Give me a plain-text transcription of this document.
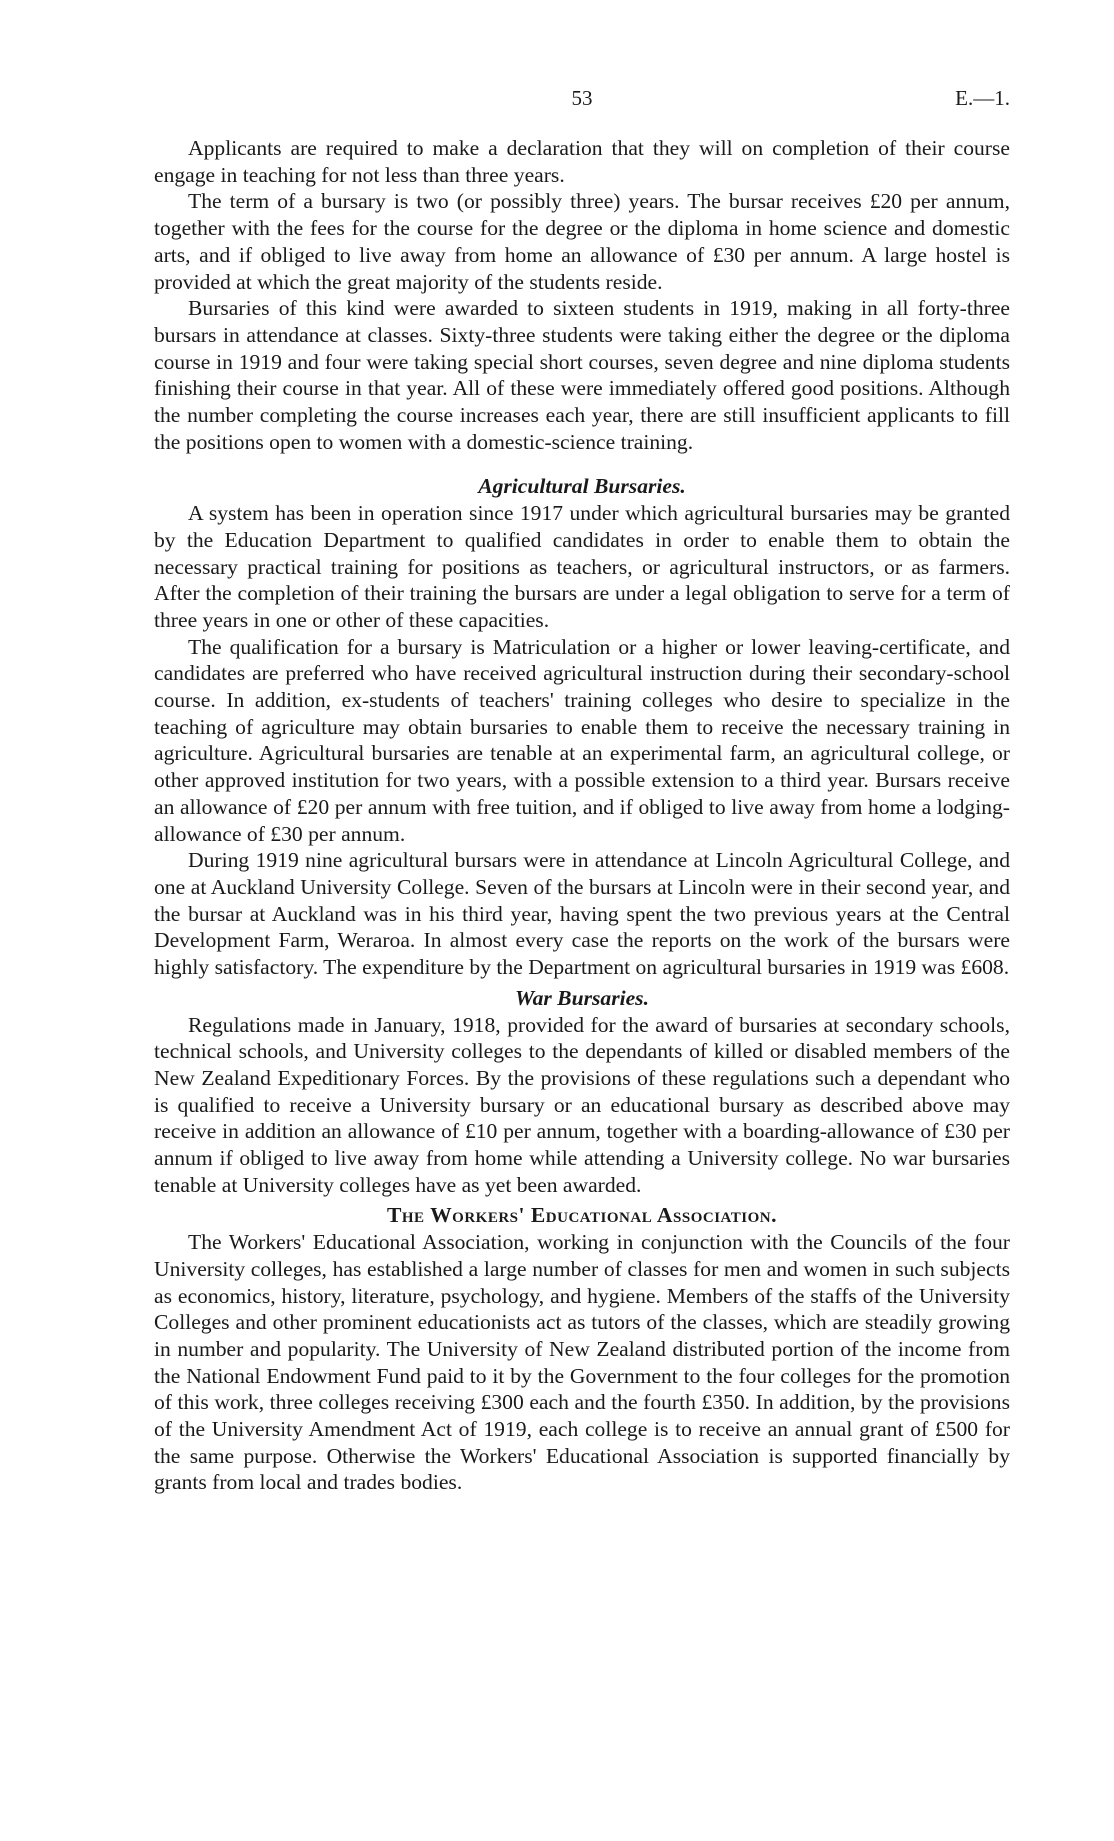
53	E.—1.

Applicants are required to make a declaration that they will on completion of their course engage in teaching for not less than three years.

The term of a bursary is two (or possibly three) years. The bursar receives £20 per annum, together with the fees for the course for the degree or the diploma in home science and domestic arts, and if obliged to live away from home an allowance of £30 per annum. A large hostel is provided at which the great majority of the students reside.

Bursaries of this kind were awarded to sixteen students in 1919, making in all forty-three bursars in attendance at classes. Sixty-three students were taking either the degree or the diploma course in 1919 and four were taking special short courses, seven degree and nine diploma students finishing their course in that year. All of these were immediately offered good positions. Although the number completing the course increases each year, there are still insufficient applicants to fill the positions open to women with a domestic-science training.

Agricultural Bursaries.

A system has been in operation since 1917 under which agricultural bursaries may be granted by the Education Department to qualified candidates in order to enable them to obtain the necessary practical training for positions as teachers, or agricultural instructors, or as farmers. After the completion of their training the bursars are under a legal obligation to serve for a term of three years in one or other of these capacities.

The qualification for a bursary is Matriculation or a higher or lower leaving-certificate, and candidates are preferred who have received agricultural instruction during their secondary-school course. In addition, ex-students of teachers' training colleges who desire to specialize in the teaching of agriculture may obtain bursaries to enable them to receive the necessary training in agriculture. Agricultural bursaries are tenable at an experimental farm, an agricultural college, or other approved institution for two years, with a possible extension to a third year. Bursars receive an allowance of £20 per annum with free tuition, and if obliged to live away from home a lodging-allowance of £30 per annum.

During 1919 nine agricultural bursars were in attendance at Lincoln Agricultural College, and one at Auckland University College. Seven of the bursars at Lincoln were in their second year, and the bursar at Auckland was in his third year, having spent the two previous years at the Central Development Farm, Weraroa. In almost every case the reports on the work of the bursars were highly satisfactory. The expenditure by the Department on agricultural bursaries in 1919 was £608.

War Bursaries.

Regulations made in January, 1918, provided for the award of bursaries at secondary schools, technical schools, and University colleges to the dependants of killed or disabled members of the New Zealand Expeditionary Forces. By the provisions of these regulations such a dependant who is qualified to receive a University bursary or an educational bursary as described above may receive in addition an allowance of £10 per annum, together with a boarding-allowance of £30 per annum if obliged to live away from home while attending a University college. No war bursaries tenable at University colleges have as yet been awarded.

The Workers' Educational Association.

The Workers' Educational Association, working in conjunction with the Councils of the four University colleges, has established a large number of classes for men and women in such subjects as economics, history, literature, psychology, and hygiene. Members of the staffs of the University Colleges and other prominent educationists act as tutors of the classes, which are steadily growing in number and popularity. The University of New Zealand distributed portion of the income from the National Endowment Fund paid to it by the Government to the four colleges for the promotion of this work, three colleges receiving £300 each and the fourth £350. In addition, by the provisions of the University Amendment Act of 1919, each college is to receive an annual grant of £500 for the same purpose. Otherwise the Workers' Educational Association is supported financially by grants from local and trades bodies.
